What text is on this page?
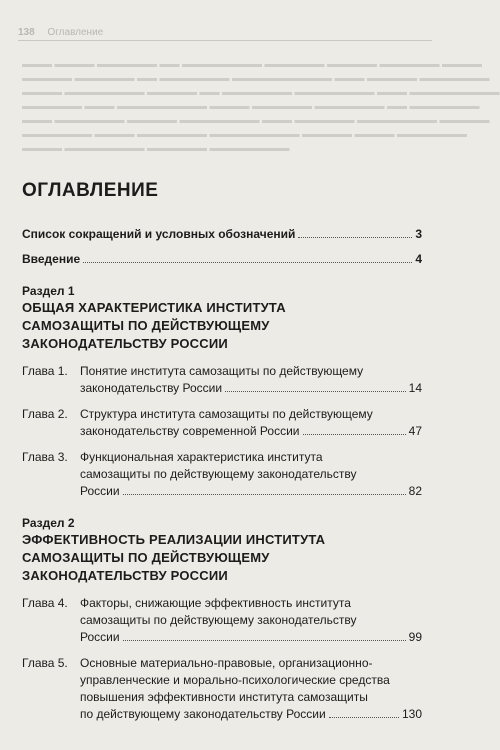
138 Оглавление
▬▬▬ ▬▬▬▬ ▬▬▬▬▬▬ ▬▬ ▬▬▬▬▬▬▬▬ ▬▬▬▬▬▬ ▬▬▬▬▬ ▬▬▬▬▬▬ ▬▬▬▬
▬▬▬▬▬ ▬▬▬▬▬▬ ▬▬ ▬▬▬▬▬▬▬ ▬▬▬▬▬▬▬▬▬▬ ▬▬▬ ▬▬▬▬▬ ▬▬▬▬▬▬▬
▬▬▬▬ ▬▬▬▬▬▬▬▬ ▬▬▬▬▬ ▬▬ ▬▬▬▬▬▬▬ ▬▬▬▬▬▬▬▬ ▬▬▬ ▬▬▬▬▬▬▬▬▬
▬▬▬▬▬▬ ▬▬▬ ▬▬▬▬▬▬▬▬▬ ▬▬▬▬ ▬▬▬▬▬▬ ▬▬▬▬▬▬▬ ▬▬ ▬▬▬▬▬▬▬
▬▬▬ ▬▬▬▬▬▬▬ ▬▬▬▬▬ ▬▬▬▬▬▬▬▬ ▬▬▬ ▬▬▬▬▬▬ ▬▬▬▬▬▬▬▬ ▬▬▬▬▬
▬▬▬▬▬▬▬ ▬▬▬▬ ▬▬▬▬▬▬▬ ▬▬▬▬▬▬▬▬▬ ▬▬▬▬▬ ▬▬▬▬ ▬▬▬▬▬▬▬
▬▬▬▬ ▬▬▬▬▬▬▬▬ ▬▬▬▬▬▬ ▬▬▬▬▬▬▬▬
ОГЛАВЛЕНИЕ
Список сокращений и условных обозначений	3
Введение	4
Раздел 1
ОБЩАЯ ХАРАКТЕРИСТИКА ИНСТИТУТА
САМОЗАЩИТЫ ПО ДЕЙСТВУЮЩЕМУ
ЗАКОНОДАТЕЛЬСТВУ РОССИИ
Глава 1.	Понятие института самозащиты по действующему
законодательству России	14
Глава 2.	Структура института самозащиты по действующему
законодательству современной России	47
Глава 3.	Функциональная характеристика института
самозащиты по действующему законодательству
России	82
Раздел 2
ЭФФЕКТИВНОСТЬ РЕАЛИЗАЦИИ ИНСТИТУТА
САМОЗАЩИТЫ ПО ДЕЙСТВУЮЩЕМУ
ЗАКОНОДАТЕЛЬСТВУ РОССИИ
Глава 4.	Факторы, снижающие эффективность института
самозащиты по действующему законодательству
России	99
Глава 5.	Основные материально-правовые, организационно-
управленческие и морально-психологические средства
повышения эффективности института самозащиты
по действующему законодательству России	130
